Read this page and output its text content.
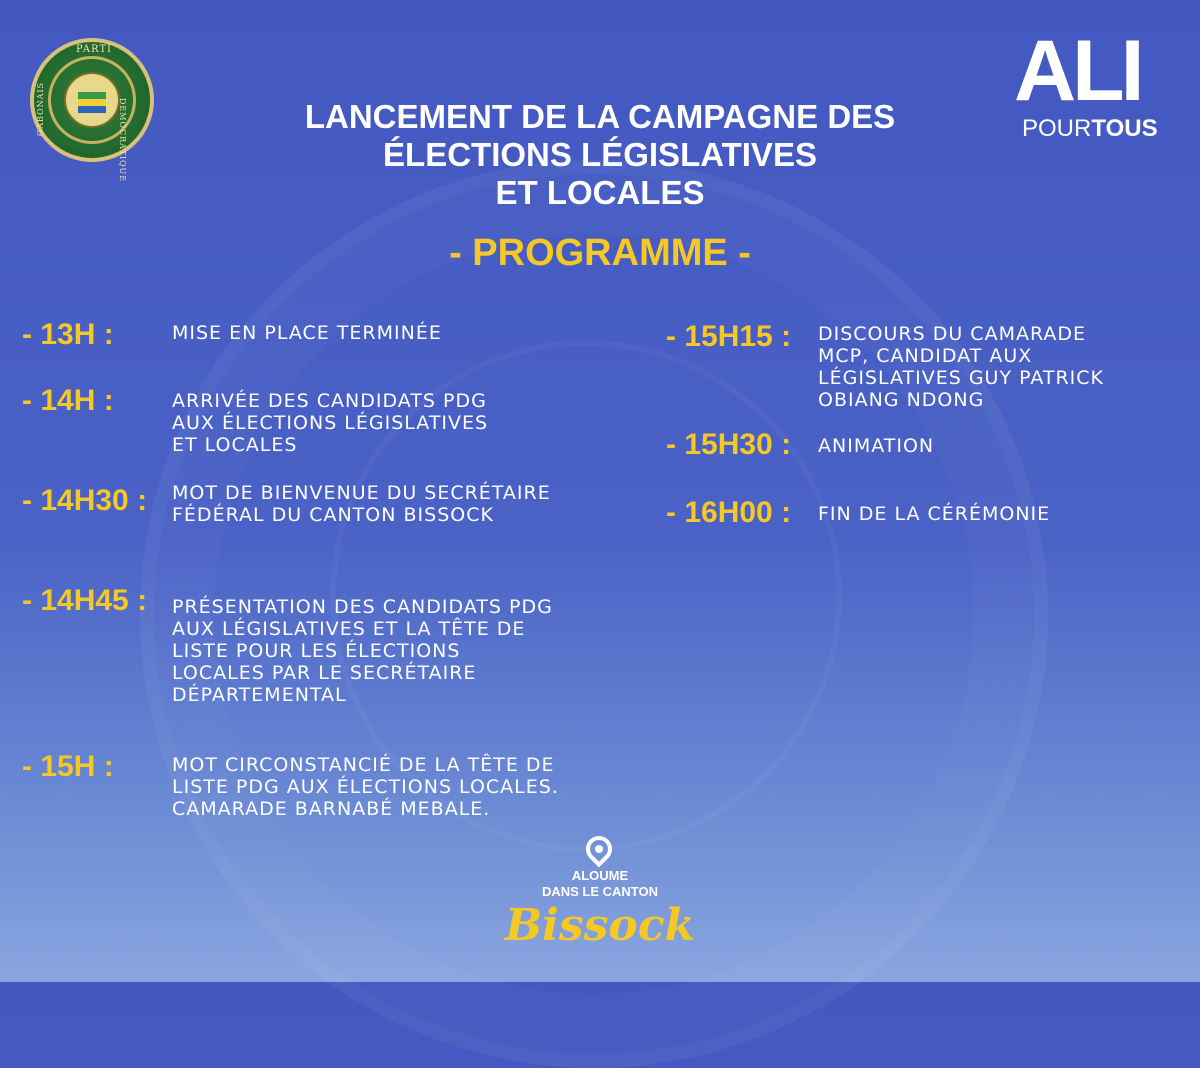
PARTI
DEMOCRATIQUE
GABONAIS	ALI
POURTOUS
LANCEMENT DE LA CAMPAGNE DES
ÉLECTIONS LÉGISLATIVES
ET LOCALES
- PROGRAMME -
- 13H :	MISE EN PLACE TERMINÉE
- 14H :	ARRIVÉE DES CANDIDATS PDG
AUX ÉLECTIONS LÉGISLATIVES
ET LOCALES
- 14H30 : MOT DE BIENVENUE DU SECRÉTAIRE
FÉDÉRAL DU CANTON BISSOCK
- 14H45 : PRÉSENTATION DES CANDIDATS PDG
AUX LÉGISLATIVES ET LA TÊTE DE
LISTE POUR LES ÉLECTIONS
LOCALES PAR LE SECRÉTAIRE
DÉPARTEMENTAL
- 15H :	MOT CIRCONSTANCIÉ DE LA TÊTE DE
LISTE PDG AUX ÉLECTIONS LOCALES.
CAMARADE BARNABÉ MEBALE.
- 15H15 : DISCOURS DU CAMARADE
MCP, CANDIDAT AUX
LÉGISLATIVES GUY PATRICK
OBIANG NDONG
- 15H30 : ANIMATION
- 16H00 : FIN DE LA CÉRÉMONIE
ALOUME
DANS LE CANTON
Bissock
